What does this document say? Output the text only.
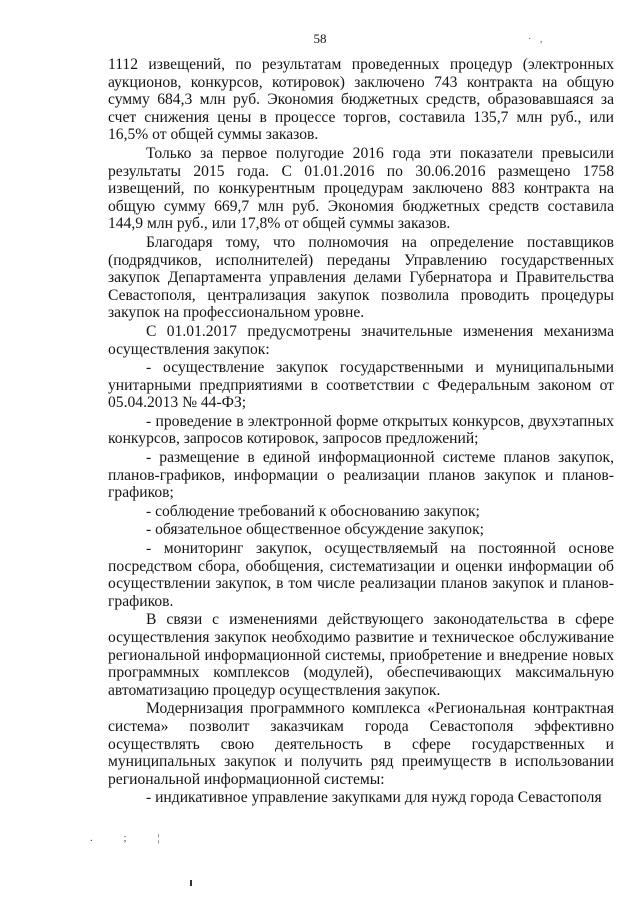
58	·‚

1112 извещений, по результатам проведенных процедур (электронных аукционов, конкурсов, котировок) заключено 743 контракта на общую сумму 684,3 млн руб. Экономия бюджетных средств, образовавшаяся за счет снижения цены в процессе торгов, составила 135,7 млн руб., или 16,5% от общей суммы заказов.

Только за первое полугодие 2016 года эти показатели превысили результаты 2015 года. С 01.01.2016 по 30.06.2016 размещено 1758 извещений, по конкурентным процедурам заключено 883 контракта на общую сумму 669,7 млн руб. Экономия бюджетных средств составила 144,9 млн руб., или 17,8% от общей суммы заказов.

Благодаря тому, что полномочия на определение поставщиков (подрядчиков, исполнителей) переданы Управлению государственных закупок Департамента управления делами Губернатора и Правительства Севастополя, централизация закупок позволила проводить процедуры закупок на профессиональном уровне.

С 01.01.2017 предусмотрены значительные изменения механизма осуществления закупок:

- осуществление закупок государственными и муниципальными унитарными предприятиями в соответствии с Федеральным законом от 05.04.2013 № 44-ФЗ;

- проведение в электронной форме открытых конкурсов, двухэтапных конкурсов, запросов котировок, запросов предложений;

- размещение в единой информационной системе планов закупок, планов-графиков, информации о реализации планов закупок и планов-графиков;

- соблюдение требований к обоснованию закупок;

- обязательное общественное обсуждение закупок;

- мониторинг закупок, осуществляемый на постоянной основе посредством сбора, обобщения, систематизации и оценки информации об осуществлении закупок, в том числе реализации планов закупок и планов-графиков.

В связи с изменениями действующего законодательства в сфере осуществления закупок необходимо развитие и техническое обслуживание региональной информационной системы, приобретение и внедрение новых программных комплексов (модулей), обеспечивающих максимальную автоматизацию процедур осуществления закупок.

Модернизация программного комплекса «Региональная контрактная система» позволит заказчикам города Севастополя эффективно осуществлять свою деятельность в сфере государственных и муниципальных закупок и получить ряд преимуществ в использовании региональной информационной системы:

- индикативное управление закупками для нужд города Севастополя

. ; ¦
